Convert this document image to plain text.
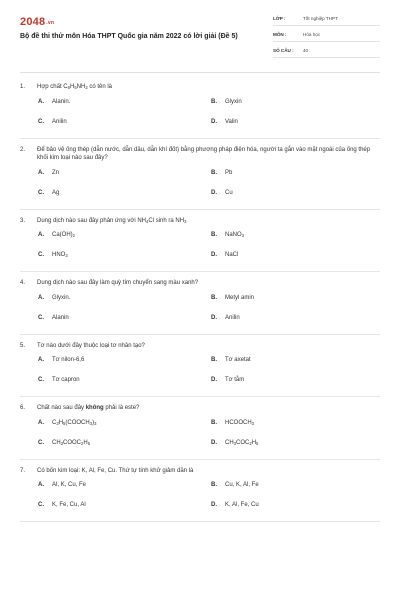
2048.vn
Bộ đề thi thử môn Hóa THPT Quốc gia năm 2022 có lời giải (Đề 5)
LỚP :	Tốt nghiệp THPT
MÔN :	Hóa học
SỐ CÂU : 40
1.	Hợp chất $C_6H_5NH_2$ có tên là
A.	Alanin.	B.	Glyxin
C.	Anilin	D.	Valin
2.	Để bảo vệ ống thép (dẫn nước, dẫn dầu, dẫn khí đốt) bằng phương pháp điện hóa, người ta gắn vào mặt ngoài của ống thép khối kim loại nào sau đây?
A.	Zn	B.	Pb
C.	Ag	D.	Cu
3.	Dung dịch nào sau đây phản ứng với $NH_4Cl$ sinh ra $NH_3$
A.	$Ca(OH)_2$	B.	NaNO$_3$
C.	$HNO_3$	D.	NaCl
4.	Dung dịch nào sau đây làm quỳ tím chuyển sang màu xanh?
A.	Glyxin.	B.	Metyl amin
C.	Alanin	D.	Anilin
5.	Tơ nào dưới đây thuộc loại tơ nhân tạo?
A.	Tơ nilon-6,6	B.	Tơ axetat
C.	Tơ capron	D.	Tơ tằm
6.	Chất nào sau đây không phải là este?
A.	$C_3H_5(COOCH_3)_3$	B.	$HCOOCH_3$
C.	$CH_3COOC_2H_5$	D.	$CH_3COC_2H_5$
7.	Có bốn kim loại: K, Al, Fe, Cu. Thứ tự tính khử giảm dần là
A.	Al, K, Cu, Fe	B.	Cu, K, Al, Fe
C.	K, Fe, Cu, Al	D.	K, Al, Fe, Cu
